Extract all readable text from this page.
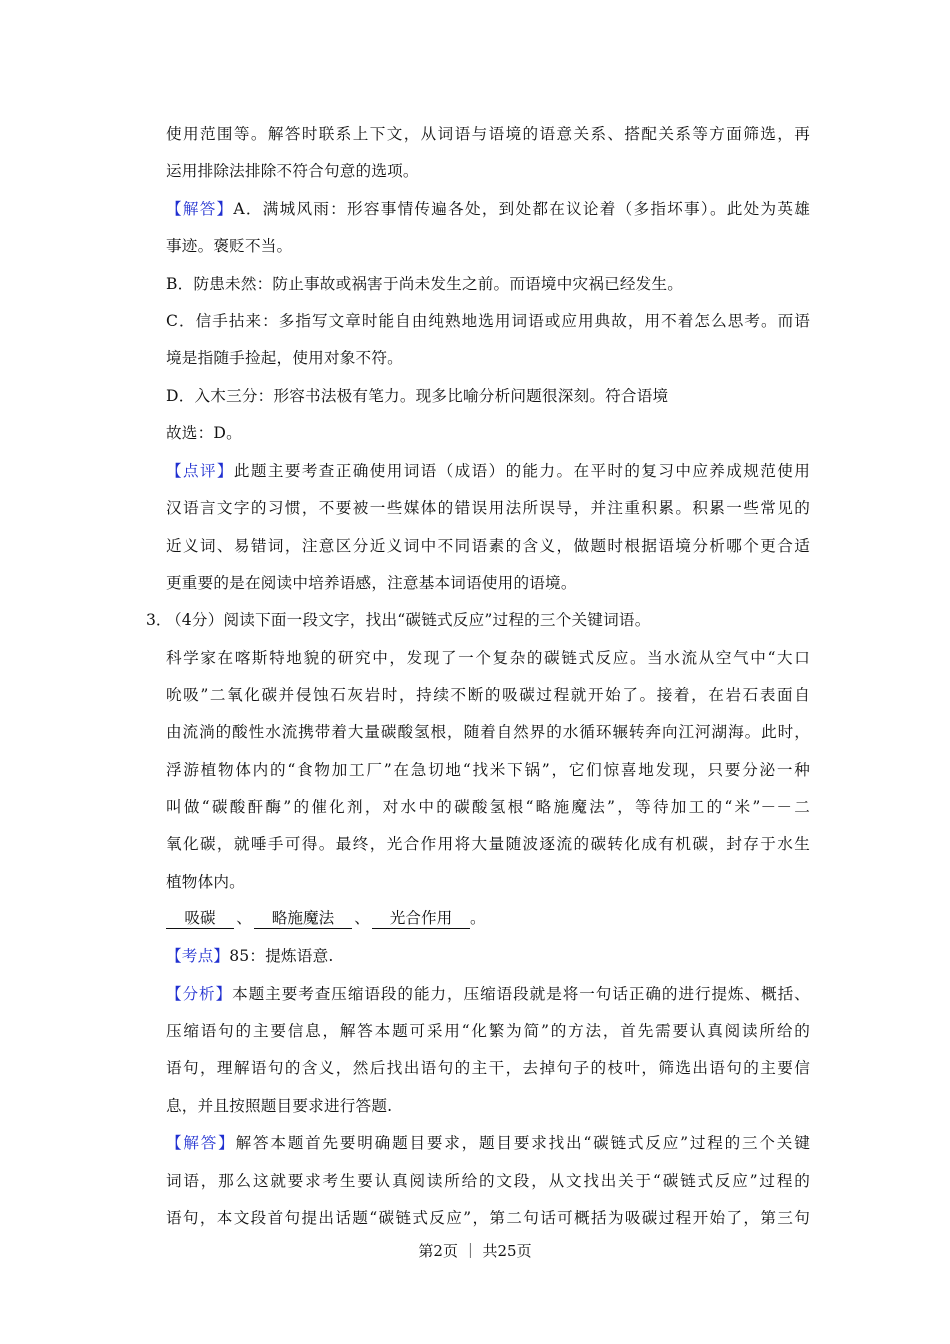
使用范围等。解答时联系上下文，从词语与语境的语意关系、搭配关系等方面筛选，再
运用排除法排除不符合句意的选项。
【解答】A．满城风雨：形容事情传遍各处，到处都在议论着（多指坏事）。此处为英雄
事迹。褒贬不当。
B．防患未然：防止事故或祸害于尚未发生之前。而语境中灾祸已经发生。
C．信手拈来：多指写文章时能自由纯熟地选用词语或应用典故，用不着怎么思考。而语
境是指随手捡起，使用对象不符。
D．入木三分：形容书法极有笔力。现多比喻分析问题很深刻。符合语境
故选：D。
【点评】此题主要考查正确使用词语（成语）的能力。在平时的复习中应养成规范使用
汉语言文字的习惯，不要被一些媒体的错误用法所误导，并注重积累。积累一些常见的
近义词、易错词，注意区分近义词中不同语素的含义，做题时根据语境分析哪个更合适
更重要的是在阅读中培养语感，注意基本词语使用的语境。
3．
（4分）阅读下面一段文字，找出“碳链式反应”过程的三个关键词语。
科学家在喀斯特地貌的研究中，发现了一个复杂的碳链式反应。当水流从空气中“大口
吮吸”二氧化碳并侵蚀石灰岩时，持续不断的吸碳过程就开始了。接着，在岩石表面自
由流淌的酸性水流携带着大量碳酸氢根，随着自然界的水循环辗转奔向江河湖海。此时，
浮游植物体内的“食物加工厂”在急切地“找米下锅”，它们惊喜地发现，只要分泌一种
叫做“碳酸酐酶”的催化剂，对水中的碳酸氢根“略施魔法”，等待加工的“米”－－二
氧化碳，就唾手可得。最终，光合作用将大量随波逐流的碳转化成有机碳，封存于水生
植物体内。
吸碳 、 略施魔法 、 光合作用 。
【考点】85：提炼语意.
【分析】本题主要考查压缩语段的能力，压缩语段就是将一句话正确的进行提炼、概括、
压缩语句的主要信息，解答本题可采用“化繁为简”的方法，首先需要认真阅读所给的
语句，理解语句的含义，然后找出语句的主干，去掉句子的枝叶，筛选出语句的主要信
息，并且按照题目要求进行答题.
【解答】解答本题首先要明确题目要求，题目要求找出“碳链式反应”过程的三个关键
词语，那么这就要求考生要认真阅读所给的文段，从文找出关于“碳链式反应”过程的
语句，本文段首句提出话题“碳链式反应”，第二句话可概括为吸碳过程开始了，第三句
第2页 ｜ 共25页
